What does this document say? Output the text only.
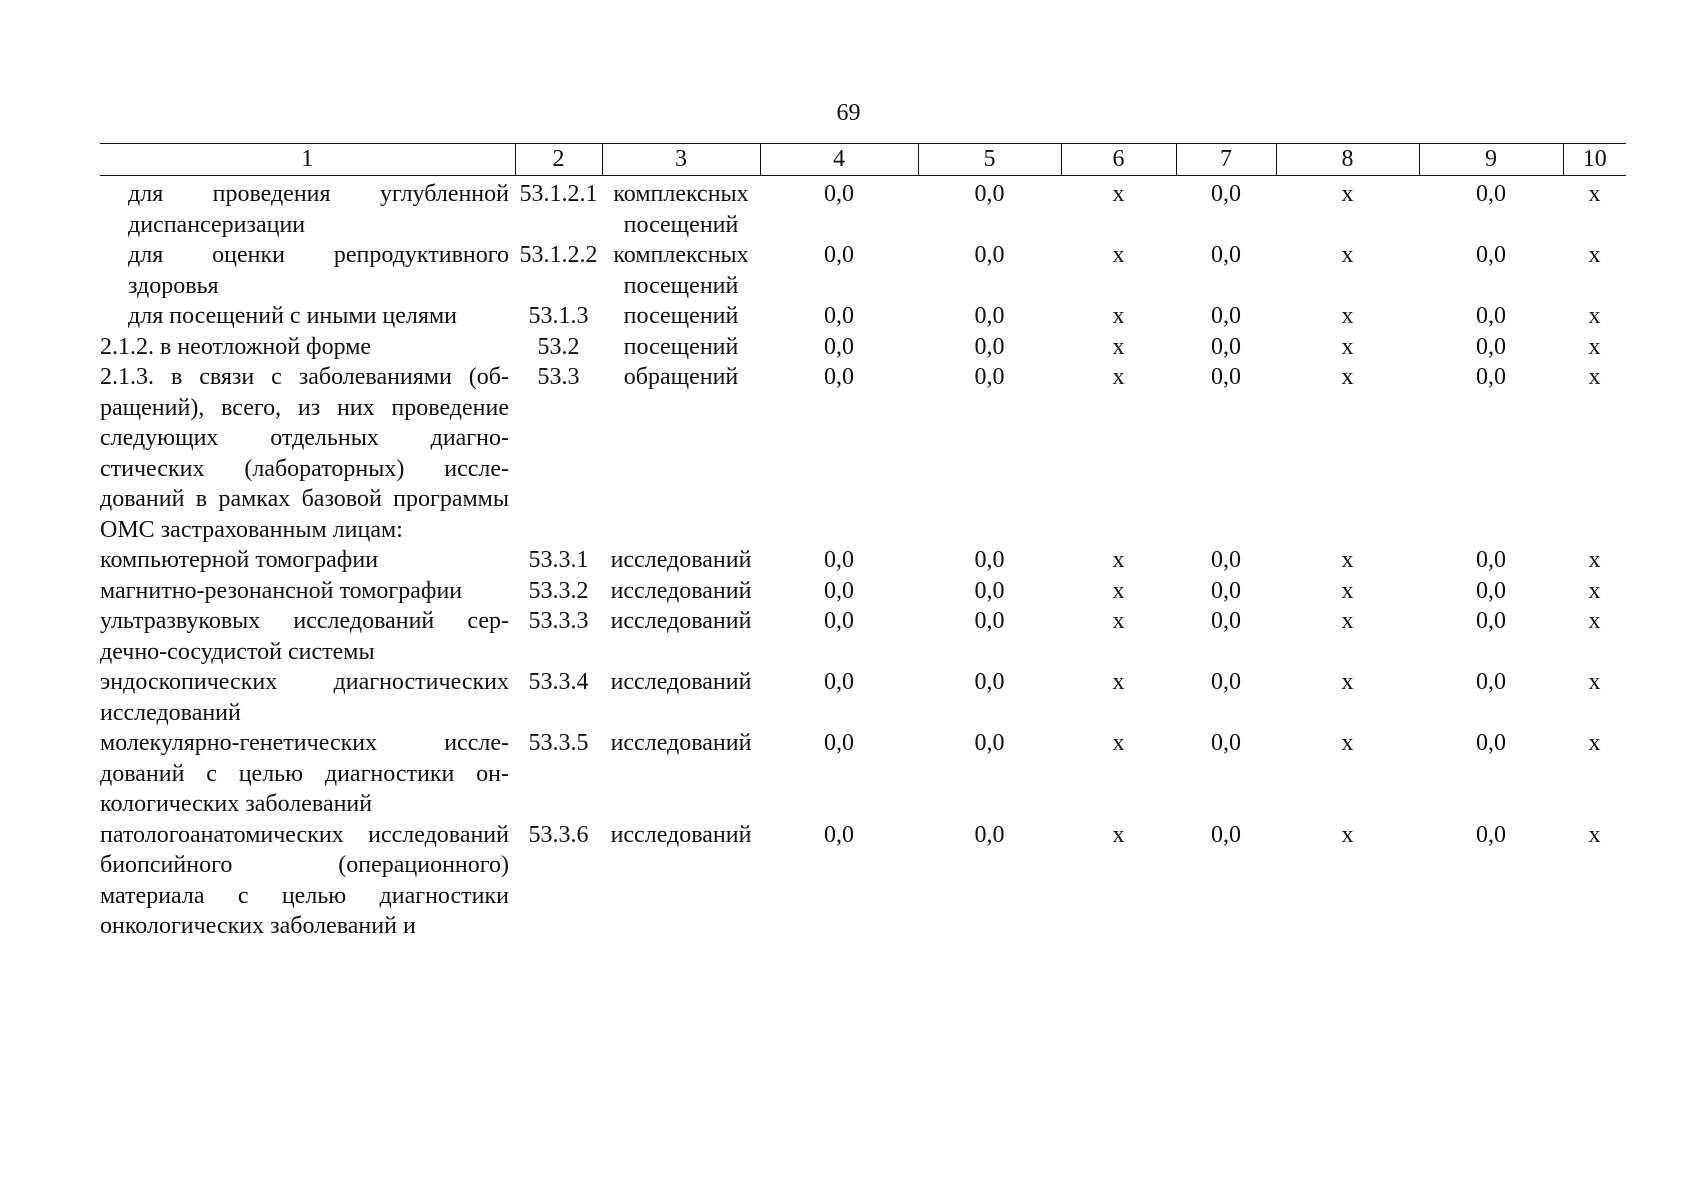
69
1	2	3	4	5	6	7	8	9	10
для проведения углубленной диспансеризации	53.1.2.1	комплексных посещений	0,0	0,0	х	0,0	х	0,0	х
для оценки репродуктивного здоровья	53.1.2.2	комплексных посещений	0,0	0,0	х	0,0	х	0,0	х
для посещений с иными целями	53.1.3	посещений	0,0	0,0	х	0,0	х	0,0	х
2.1.2. в неотложной форме	53.2	посещений	0,0	0,0	х	0,0	х	0,0	х
2.1.3. в связи с заболеваниями (обращений), всего, из них проведение следующих отдельных диагностических (лабораторных) исследований в рамках базовой программы ОМС застрахованным лицам:	53.3	обращений	0,0	0,0	х	0,0	х	0,0	х
компьютерной томографии	53.3.1	исследований	0,0	0,0	х	0,0	х	0,0	х
магнитно-резонансной томографии	53.3.2	исследований	0,0	0,0	х	0,0	х	0,0	х
ультразвуковых исследований сердечно-сосудистой системы	53.3.3	исследований	0,0	0,0	х	0,0	х	0,0	х
эндоскопических диагностических исследований	53.3.4	исследований	0,0	0,0	х	0,0	х	0,0	х
молекулярно-генетических исследований с целью диагностики онкологических заболеваний	53.3.5	исследований	0,0	0,0	х	0,0	х	0,0	х
патологоанатомических исследований биопсийного (операционного) материала с целью диагностики онкологических заболеваний и	53.3.6	исследований	0,0	0,0	х	0,0	х	0,0	х
